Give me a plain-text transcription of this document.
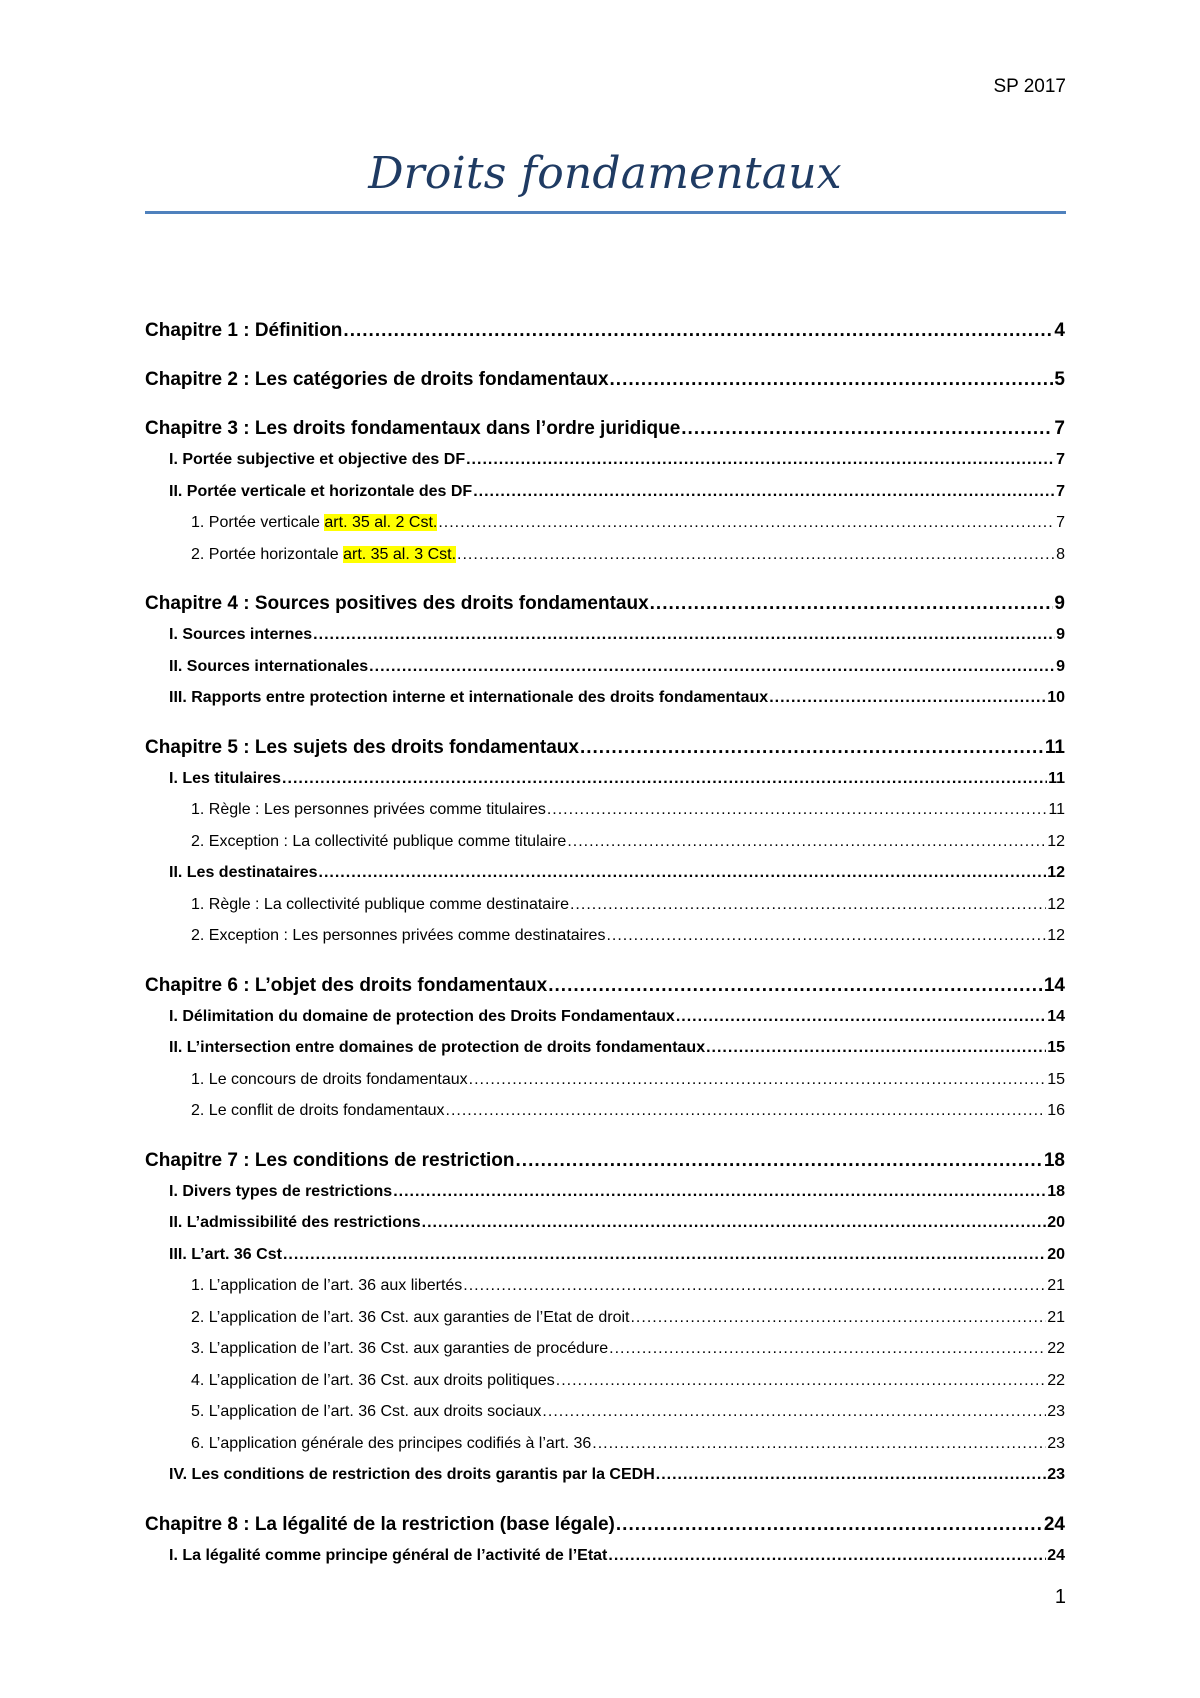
SP 2017
Droits fondamentaux
Chapitre 1 : Définition .....	4
Chapitre 2 : Les catégories de droits fondamentaux .....	5
Chapitre 3 : Les droits fondamentaux dans l’ordre juridique .....	7
I. Portée subjective et objective des DF .....	7
II. Portée verticale et horizontale des DF .....	7
1. Portée verticale art. 35 al. 2 Cst. .....	7
2. Portée horizontale art. 35 al. 3 Cst. .....	8
Chapitre 4 : Sources positives des droits fondamentaux .....	9
I. Sources internes .....	9
II. Sources internationales .....	9
III. Rapports entre protection interne et internationale des droits fondamentaux .....	10
Chapitre 5 : Les sujets des droits fondamentaux .....	11
I. Les titulaires .....	11
1. Règle : Les personnes privées comme titulaires .....	11
2. Exception : La collectivité publique comme titulaire .....	12
II. Les destinataires .....	12
1. Règle : La collectivité publique comme destinataire .....	12
2. Exception : Les personnes privées comme destinataires .....	12
Chapitre 6 : L’objet des droits fondamentaux .....	14
I. Délimitation du domaine de protection des Droits Fondamentaux .....	14
II. L’intersection entre domaines de protection de droits fondamentaux .....	15
1. Le concours de droits fondamentaux .....	15
2. Le conflit de droits fondamentaux .....	16
Chapitre 7 : Les conditions de restriction .....	18
I. Divers types de restrictions .....	18
II. L’admissibilité des restrictions .....	20
III. L’art. 36 Cst .....	20
1. L’application de l’art. 36 aux libertés .....	21
2. L’application de l’art. 36 Cst. aux garanties de l’Etat de droit .....	21
3. L’application de l’art. 36 Cst. aux garanties de procédure .....	22
4. L’application de l’art. 36 Cst. aux droits politiques .....	22
5. L’application de l’art. 36 Cst. aux droits sociaux .....	23
6. L’application générale des principes codifiés à l’art. 36 .....	23
IV. Les conditions de restriction des droits garantis par la CEDH .....	23
Chapitre 8 : La légalité de la restriction (base légale) .....	24
I. La légalité comme principe général de l’activité de l’Etat .....	24
1
